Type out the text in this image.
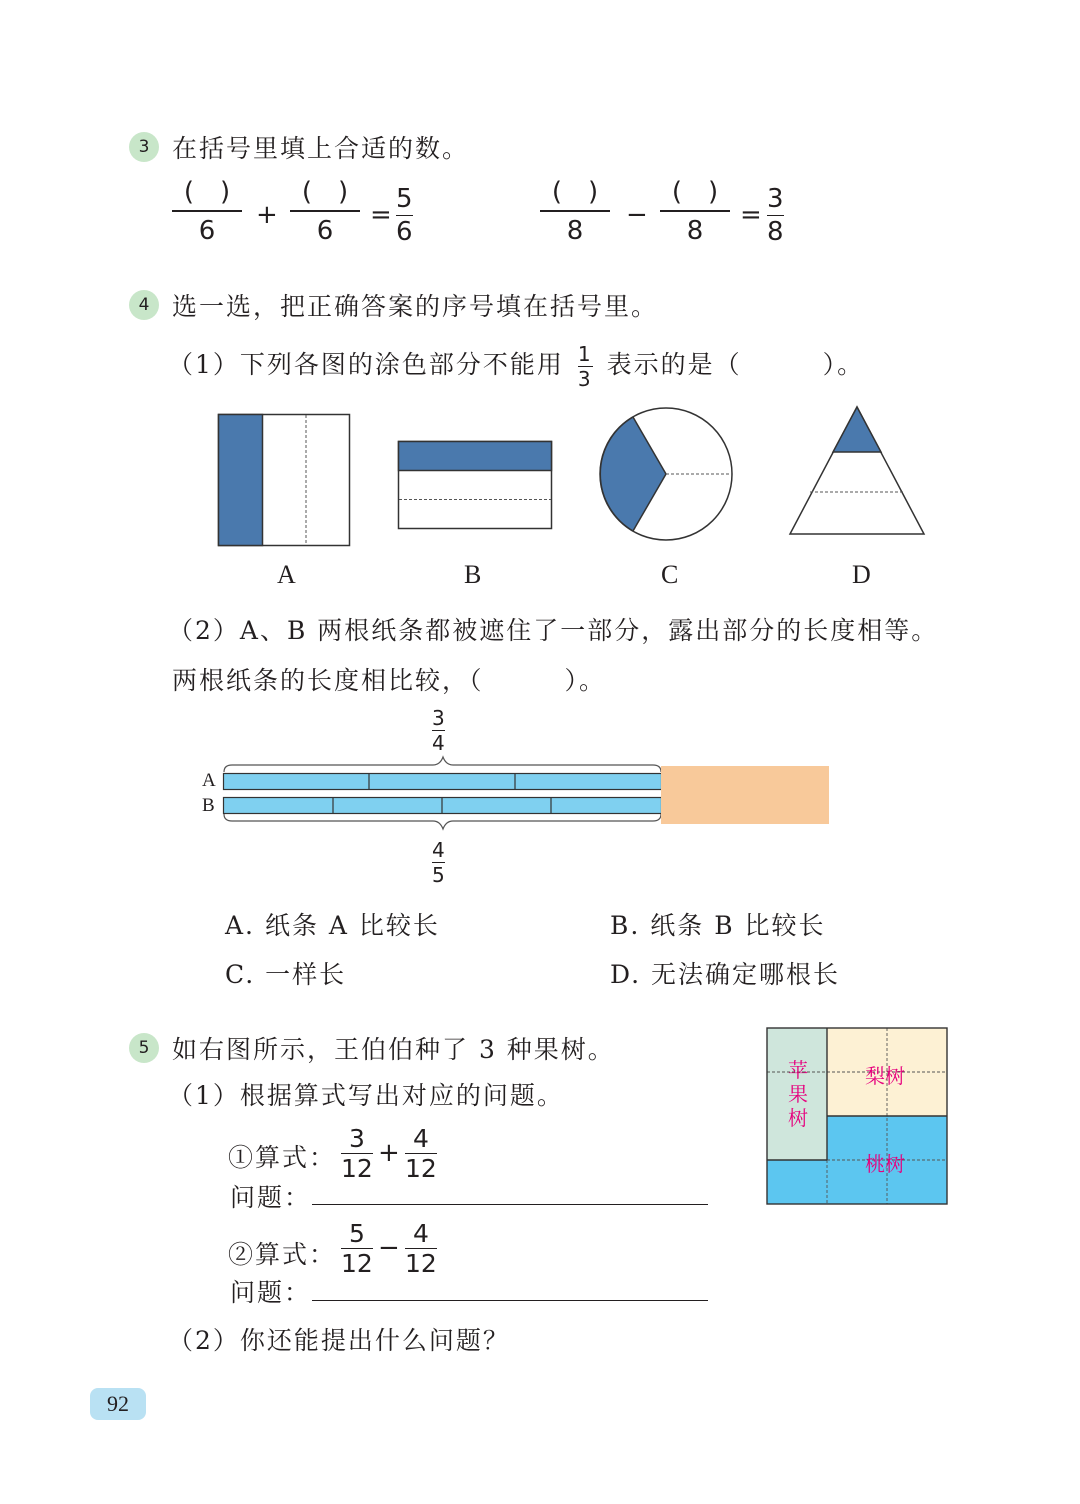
3 在括号里填上合适的数。
(　)
6
+
(　)
6
=
5
6
(　)
8
−
(　)
8
=
3
8
4 选一选，把正确答案的序号填在括号里。
（1）下列各图的涂色部分不能用 $\frac{1}{3}$ 表示的是（　　　）。
A	B	C	D
（2）A、B 两根纸条都被遮住了一部分，露出部分的长度相等。
两根纸条的长度相比较，（　　　）。
3
4
A
B
4
5
A. 纸条 A 比较长	B. 纸条 B 比较长
C. 一样长	D. 无法确定哪根长
5 如右图所示，王伯伯种了 3 种果树。
（1）根据算式写出对应的问题。
①算式：
3
12
+ 4
12
问题：
②算式：
5
12
− 4
12
问题：
（2）你还能提出什么问题？
苹
果
树
梨树
桃树
92
